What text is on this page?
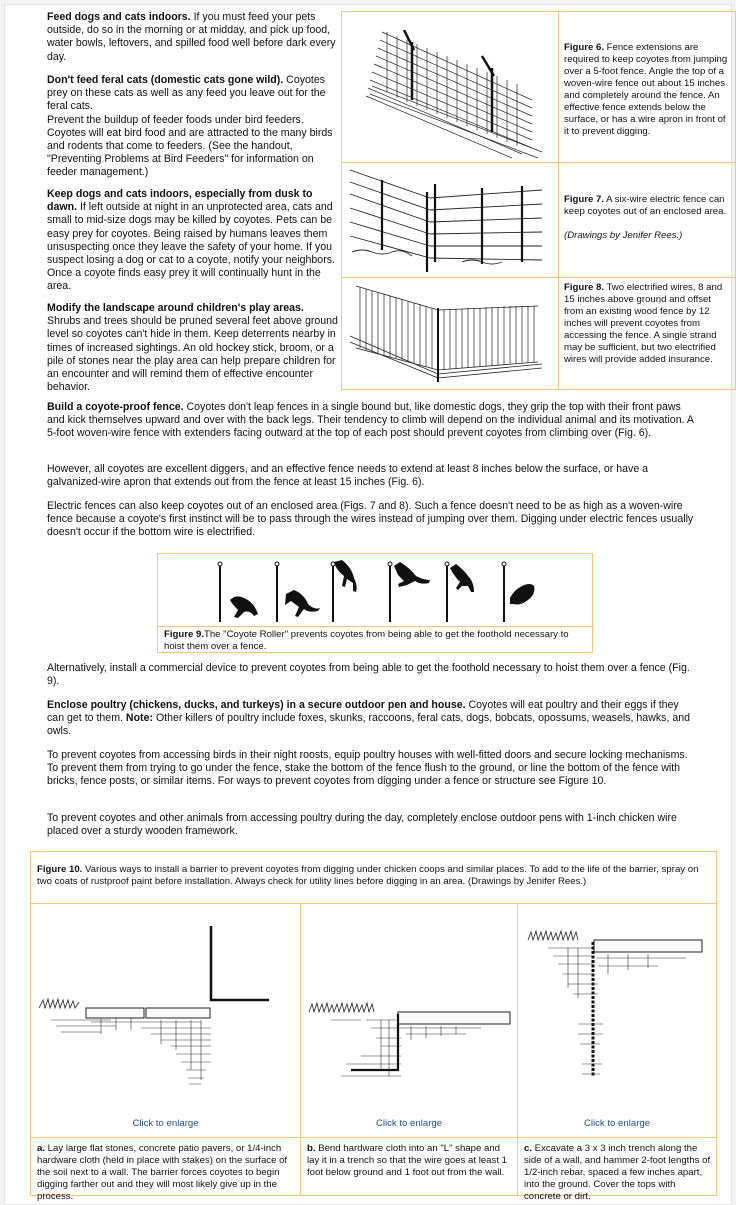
Feed dogs and cats indoors. If you must feed your pets outside, do so in the morning or at midday, and pick up food, water bowls, leftovers, and spilled food well before dark every day.

Don't feed feral cats (domestic cats gone wild). Coyotes prey on these cats as well as any feed you leave out for the feral cats.
Prevent the buildup of feeder foods under bird feeders. Coyotes will eat bird food and are attracted to the many birds and rodents that come to feeders. (See the handout, "Preventing Problems at Bird Feeders" for information on feeder management.)

Keep dogs and cats indoors, especially from dusk to dawn. If left outside at night in an unprotected area, cats and small to mid-size dogs may be killed by coyotes. Pets can be easy prey for coyotes. Being raised by humans leaves them unsuspecting once they leave the safety of your home. If you suspect losing a dog or cat to a coyote, notify your neighbors. Once a coyote finds easy prey it will continually hunt in the area.

Modify the landscape around children's play areas. Shrubs and trees should be pruned several feet above ground level so coyotes can't hide in them. Keep deterrents nearby in times of increased sightings. An old hockey stick, broom, or a pile of stones near the play area can help prepare children for an encounter and will remind them of effective encounter behavior.

Figure 6. Fence extensions are required to keep coyotes from jumping over a 5-foot fence. Angle the top of a woven-wire fence out about 15 inches and completely around the fence. An effective fence extends below the surface, or has a wire apron in front of it to prevent digging.
Figure 7. A six-wire electric fence can keep coyotes out of an enclosed area.

(Drawings by Jenifer Rees.)
Figure 8. Two electrified wires, 8 and 15 inches above ground and offset from an existing wood fence by 12 inches will prevent coyotes from accessing the fence. A single strand may be sufficient, but two electrified wires will provide added insurance.

Build a coyote-proof fence. Coyotes don't leap fences in a single bound but, like domestic dogs, they grip the top with their front paws and kick themselves upward and over with the back legs. Their tendency to climb will depend on the individual animal and its motivation. A 5-foot woven-wire fence with extenders facing outward at the top of each post should prevent coyotes from climbing over (Fig. 6).

However, all coyotes are excellent diggers, and an effective fence needs to extend at least 8 inches below the surface, or have a galvanized-wire apron that extends out from the fence at least 15 inches (Fig. 6).

Electric fences can also keep coyotes out of an enclosed area (Figs. 7 and 8). Such a fence doesn't need to be as high as a woven-wire fence because a coyote's first instinct will be to pass through the wires instead of jumping over them. Digging under electric fences usually doesn't occur if the bottom wire is electrified.

Figure 9.The "Coyote Roller" prevents coyotes from being able to get the foothold necessary to hoist them over a fence.

Alternatively, install a commercial device to prevent coyotes from being able to get the foothold necessary to hoist them over a fence (Fig. 9).

Enclose poultry (chickens, ducks, and turkeys) in a secure outdoor pen and house. Coyotes will eat poultry and their eggs if they can get to them. Note: Other killers of poultry include foxes, skunks, raccoons, feral cats, dogs, bobcats, opossums, weasels, hawks, and owls.

To prevent coyotes from accessing birds in their night roosts, equip poultry houses with well-fitted doors and secure locking mechanisms. To prevent them from trying to go under the fence, stake the bottom of the fence flush to the ground, or line the bottom of the fence with bricks, fence posts, or similar items. For ways to prevent coyotes from digging under a fence or structure see Figure 10.

To prevent coyotes and other animals from accessing poultry during the day, completely enclose outdoor pens with 1-inch chicken wire placed over a sturdy wooden framework.

Figure 10. Various ways to install a barrier to prevent coyotes from digging under chicken coops and similar places. To add to the life of the barrier, spray on two coats of rustproof paint before installation. Always check for utility lines before digging in an area. (Drawings by Jenifer Rees.)
Click to enlarge	Click to enlarge	Click to enlarge
a. Lay large flat stones, concrete patio pavers, or 1/4-inch hardware cloth (held in place with stakes) on the surface of the soil next to a wall. The barrier forces coyotes to begin digging farther out and they will most likely give up in the process.
b. Bend hardware cloth into an "L" shape and lay it in a trench so that the wire goes at least 1 foot below ground and 1 foot out from the wall.
c. Excavate a 3 x 3 inch trench along the side of a wall, and hammer 2-foot lengths of 1/2-inch rebar, spaced a few inches apart, into the ground. Cover the tops with concrete or dirt.
